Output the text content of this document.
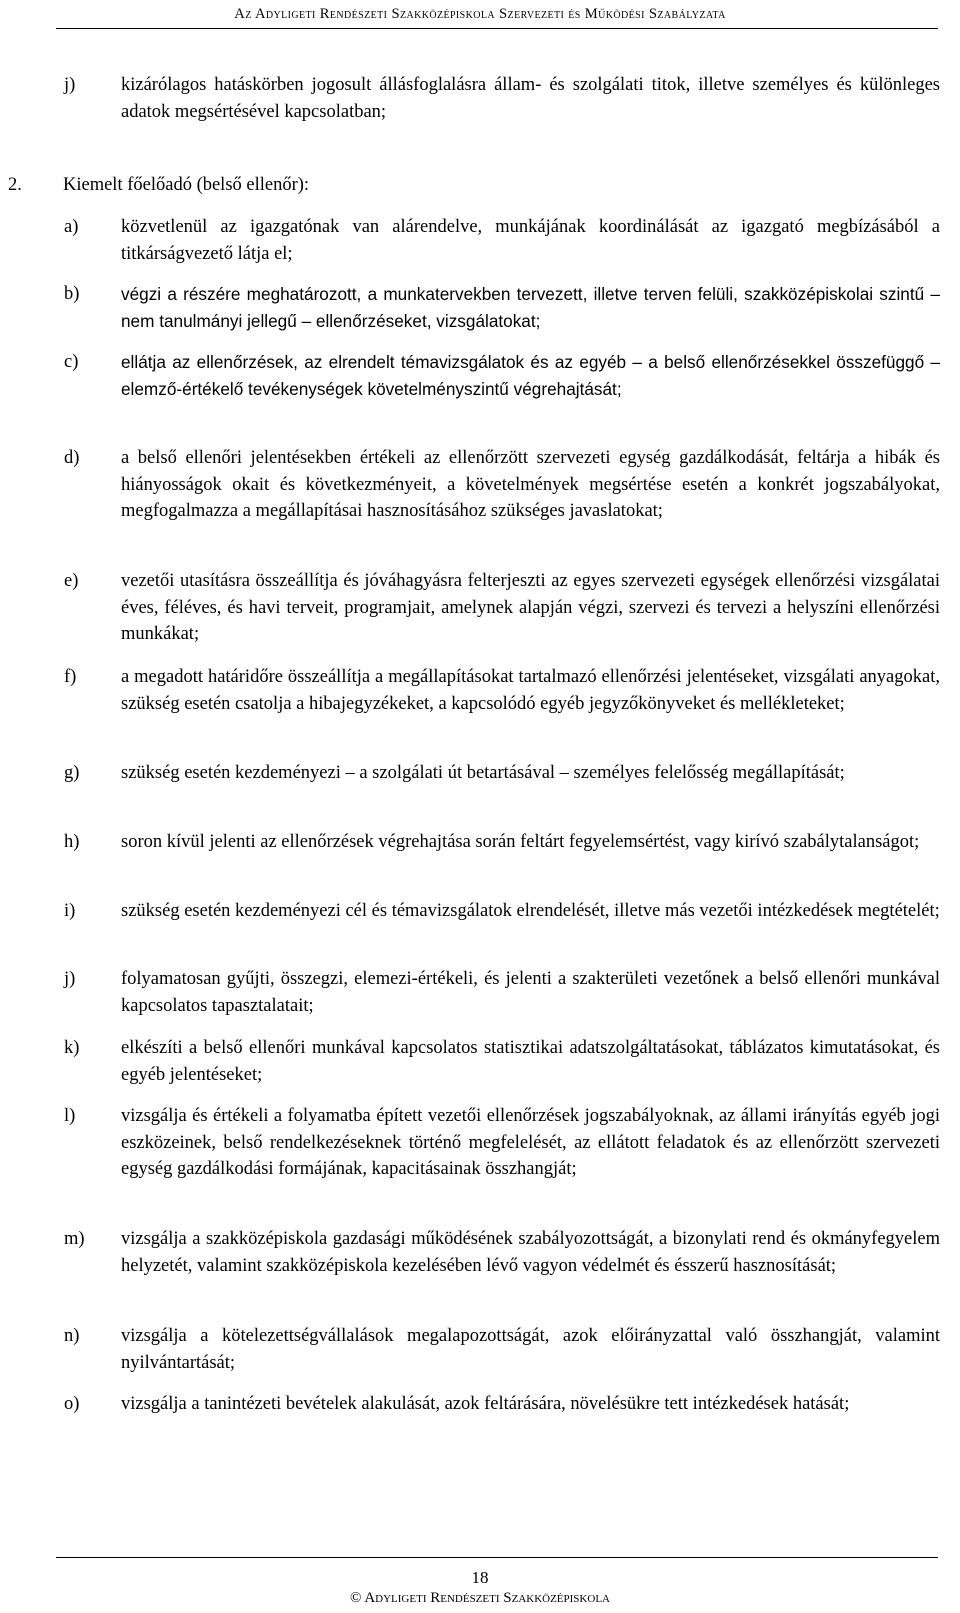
Az Adyligeti Rendészeti Szakközépiskola Szervezeti és Működési Szabályzata
j) kizárólagos hatáskörben jogosult állásfoglalásra állam- és szolgálati titok, illetve személyes és különleges adatok megsértésével kapcsolatban;
2. Kiemelt főelőadó (belső ellenőr):
a) közvetlenül az igazgatónak van alárendelve, munkájának koordinálását az igazgató megbízásából a titkárságvezető látja el;
b) végzi a részére meghatározott, a munkatervekben tervezett, illetve terven felüli, szakközépiskolai szintű – nem tanulmányi jellegű – ellenőrzéseket, vizsgálatokat;
c) ellátja az ellenőrzések, az elrendelt témavizsgálatok és az egyéb – a belső ellenőrzésekkel összefüggő – elemző-értékelő tevékenységek követelményszintű végrehajtását;
d) a belső ellenőri jelentésekben értékeli az ellenőrzött szervezeti egység gazdálkodását, feltárja a hibák és hiányosságok okait és következményeit, a követelmények megsértése esetén a konkrét jogszabályokat, megfogalmazza a megállapításai hasznosításához szükséges javaslatokat;
e) vezetői utasításra összeállítja és jóváhagyásra felterjeszti az egyes szervezeti egységek ellenőrzési vizsgálatai éves, féléves, és havi terveit, programjait, amelynek alapján végzi, szervezi és tervezi a helyszíni ellenőrzési munkákat;
f) a megadott határidőre összeállítja a megállapításokat tartalmazó ellenőrzési jelentéseket, vizsgálati anyagokat, szükség esetén csatolja a hibajegyzékeket, a kapcsolódó egyéb jegyzőkönyveket és mellékleteket;
g) szükség esetén kezdeményezi – a szolgálati út betartásával – személyes felelősség megállapítását;
h) soron kívül jelenti az ellenőrzések végrehajtása során feltárt fegyelemsértést, vagy kirívó szabálytalanságot;
i) szükség esetén kezdeményezi cél és témavizsgálatok elrendelését, illetve más vezetői intézkedések megtételét;
j) folyamatosan gyűjti, összegzi, elemezi-értékeli, és jelenti a szakterületi vezetőnek a belső ellenőri munkával kapcsolatos tapasztalatait;
k) elkészíti a belső ellenőri munkával kapcsolatos statisztikai adatszolgáltatásokat, táblázatos kimutatásokat, és egyéb jelentéseket;
l) vizsgálja és értékeli a folyamatba épített vezetői ellenőrzések jogszabályoknak, az állami irányítás egyéb jogi eszközeinek, belső rendelkezéseknek történő megfelelését, az ellátott feladatok és az ellenőrzött szervezeti egység gazdálkodási formájának, kapacitásainak összhangját;
m) vizsgálja a szakközépiskola gazdasági működésének szabályozottságát, a bizonylati rend és okmányfegyelem helyzetét, valamint szakközépiskola kezelésében lévő vagyon védelmét és ésszerű hasznosítását;
n) vizsgálja a kötelezettségvállalások megalapozottságát, azok előirányzattal való összhangját, valamint nyilvántartását;
o) vizsgálja a tanintézeti bevételek alakulását, azok feltárására, növelésükre tett intézkedések hatását;
18
© Adyligeti Rendészeti Szakközépiskola
